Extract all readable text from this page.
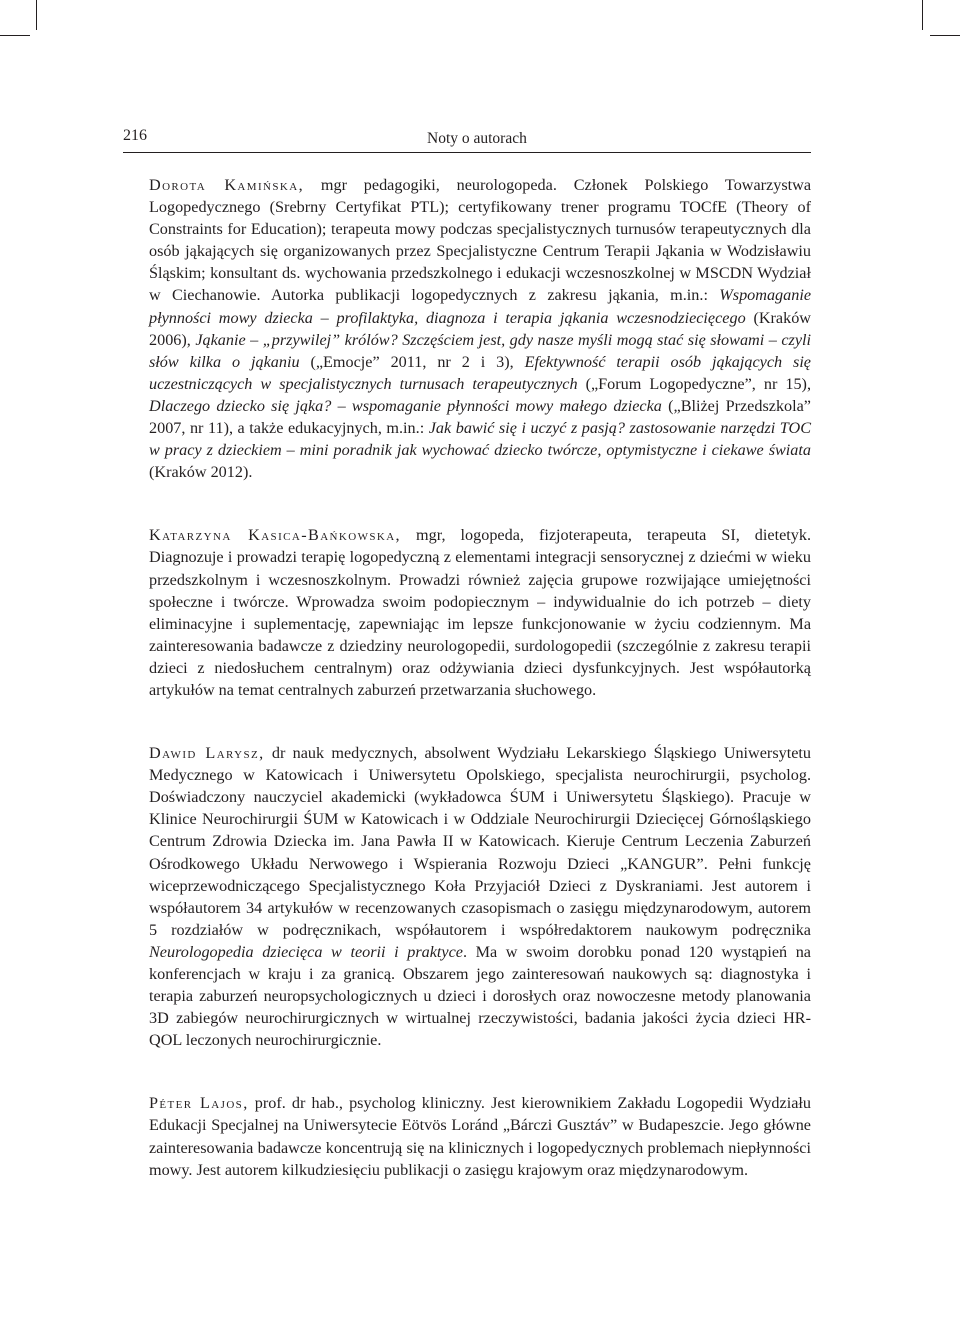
216	Noty o autorach

Dorota Kamińska, mgr pedagogiki, neurologopeda. Członek Polskiego Towarzystwa Logopedycznego (Srebrny Certyfikat PTL); certyfikowany trener programu TOCfE (Theory of Constraints for Education); terapeuta mowy podczas specjalistycznych turnusów terapeutycznych dla osób jąkających się organizowanych przez Specjalistyczne Centrum Terapii Jąkania w Wodzisławiu Śląskim; konsultant ds. wychowania przedszkolnego i edukacji wczesnoszkolnej w MSCDN Wydział w Ciechanowie. Autorka publikacji logopedycznych z zakresu jąkania, m.in.: Wspomaganie płynności mowy dziecka – profilaktyka, diagnoza i terapia jąkania wczesnodziecięcego (Kraków 2006), Jąkanie – „przywilej” królów? Szczęściem jest, gdy nasze myśli mogą stać się słowami – czyli słów kilka o jąkaniu („Emocje” 2011, nr 2 i 3), Efektywność terapii osób jąkających się uczestniczących w specjalistycznych turnusach terapeutycznych („Forum Logopedyczne”, nr 15), Dlaczego dziecko się jąka? – wspomaganie płynności mowy małego dziecka („Bliżej Przedszkola” 2007, nr 11), a także edukacyjnych, m.in.: Jak bawić się i uczyć z pasją? zastosowanie narzędzi TOC w pracy z dzieckiem – mini poradnik jak wychować dziecko twórcze, optymistyczne i ciekawe świata (Kraków 2012).

Katarzyna Kasica-Bańkowska, mgr, logopeda, fizjoterapeuta, terapeuta SI, dietetyk. Diagnozuje i prowadzi terapię logopedyczną z elementami integracji sensorycznej z dziećmi w wieku przedszkolnym i wczesnoszkolnym. Prowadzi również zajęcia grupowe rozwijające umiejętności społeczne i twórcze. Wprowadza swoim podopiecznym – indywidualnie do ich potrzeb – diety eliminacyjne i suplementację, zapewniając im lepsze funkcjonowanie w życiu codziennym. Ma zainteresowania badawcze z dziedziny neurologopedii, surdologopedii (szczególnie z zakresu terapii dzieci z niedosłuchem centralnym) oraz odżywiania dzieci dysfunkcyjnych. Jest współautorką artykułów na temat centralnych zaburzeń przetwarzania słuchowego.

Dawid Larysz, dr nauk medycznych, absolwent Wydziału Lekarskiego Śląskiego Uniwersytetu Medycznego w Katowicach i Uniwersytetu Opolskiego, specjalista neurochirurgii, psycholog. Doświadczony nauczyciel akademicki (wykładowca ŚUM i Uniwersytetu Śląskiego). Pracuje w Klinice Neurochirurgii ŚUM w Katowicach i w Oddziale Neurochirurgii Dziecięcej Górnośląskiego Centrum Zdrowia Dziecka im. Jana Pawła II w Katowicach. Kieruje Centrum Leczenia Zaburzeń Ośrodkowego Układu Nerwowego i Wspierania Rozwoju Dzieci „KANGUR”. Pełni funkcję wiceprzewodniczącego Specjalistycznego Koła Przyjaciół Dzieci z Dyskraniami. Jest autorem i współautorem 34 artykułów w recenzowanych czasopismach o zasięgu międzynarodowym, autorem 5 rozdziałów w podręcznikach, współautorem i współredaktorem naukowym podręcznika Neurologopedia dziecięca w teorii i praktyce. Ma w swoim dorobku ponad 120 wystąpień na konferencjach w kraju i za granicą. Obszarem jego zainteresowań naukowych są: diagnostyka i terapia zaburzeń neuropsychologicznych u dzieci i dorosłych oraz nowoczesne metody planowania 3D zabiegów neurochirurgicznych w wirtualnej rzeczywistości, badania jakości życia dzieci HR-QOL leczonych neurochirurgicznie.

Péter Lajos, prof. dr hab., psycholog kliniczny. Jest kierownikiem Zakładu Logopedii Wydziału Edukacji Specjalnej na Uniwersytecie Eötvös Loránd „Bárczi Gusztáv” w Budapeszcie. Jego główne zainteresowania badawcze koncentrują się na klinicznych i logopedycznych problemach niepłynności mowy. Jest autorem kilkudziesięciu publikacji o zasięgu krajowym oraz międzynarodowym.
